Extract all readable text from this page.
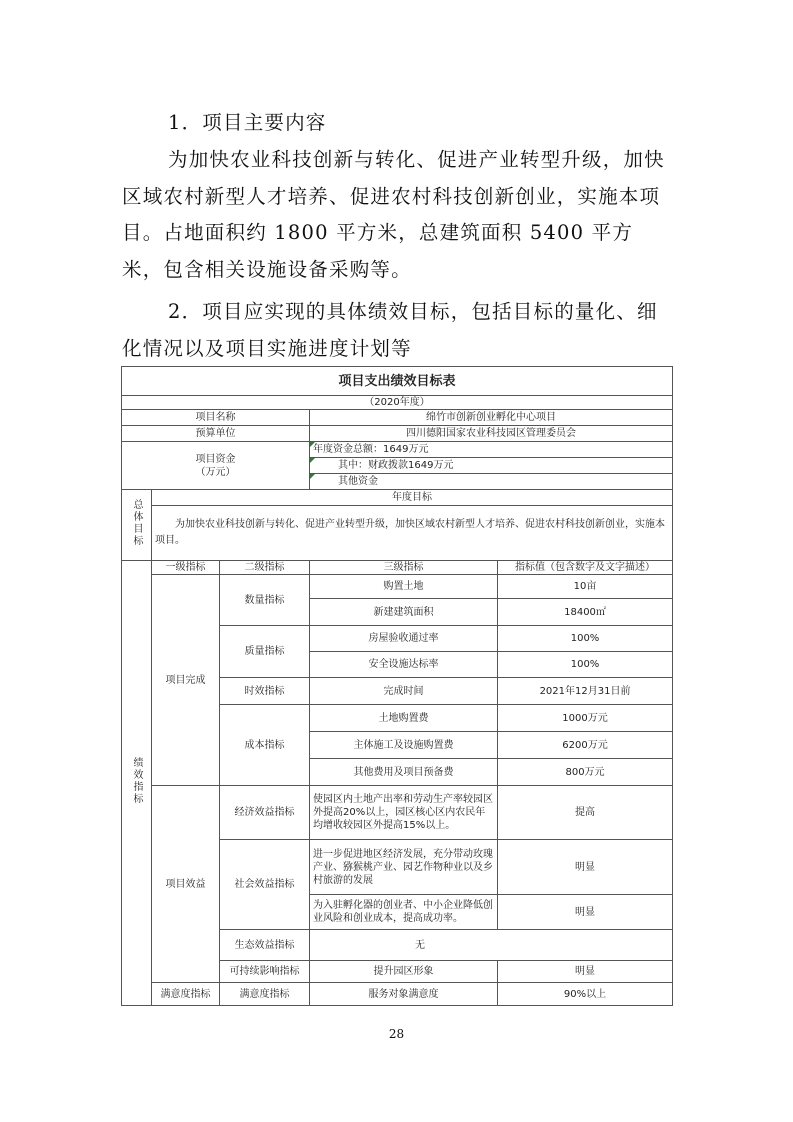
1．项目主要内容

为加快农业科技创新与转化、促进产业转型升级，加快区域农村新型人才培养、促进农村科技创新创业，实施本项目。占地面积约 1800 平方米，总建筑面积 5400 平方米，包含相关设施设备采购等。

2．项目应实现的具体绩效目标，包括目标的量化、细化情况以及项目实施进度计划等

项目支出绩效目标表				
（2020年度）				
项目名称			绵竹市创新创业孵化中心项目	
预算单位			四川德阳国家农业科技园区管理委员会	
项目资金
（万元）			年度资金总额：1649万元	
			其中：财政拨款1649万元	
			其他资金	
总体目标	年度目标			
	为加快农业科技创新与转化、促进产业转型升级，加快区域农村新型人才培养、促进农村科技创新创业，实施本项目。			
绩效指标	一级指标	二级指标	三级指标	指标值（包含数字及文字描述）
	项目完成	数量指标	购置土地	10亩
			新建建筑面积	18400㎡
		质量指标	房屋验收通过率	100%
			安全设施达标率	100%
		时效指标	完成时间	2021年12月31日前
		成本指标	土地购置费	1000万元
			主体施工及设施购置费	6200万元
			其他费用及项目预备费	800万元
	项目效益	经济效益指标	使园区内土地产出率和劳动生产率较园区外提高20%以上，园区核心区内农民年均增收较园区外提高15%以上。	提高
		社会效益指标	进一步促进地区经济发展，充分带动玫瑰产业、猕猴桃产业、园艺作物种业以及乡村旅游的发展	明显
			为入驻孵化器的创业者、中小企业降低创业风险和创业成本，提高成功率。	明显
		生态效益指标	无	
		可持续影响指标	提升园区形象	明显
	满意度指标	满意度指标	服务对象满意度	90%以上
28
